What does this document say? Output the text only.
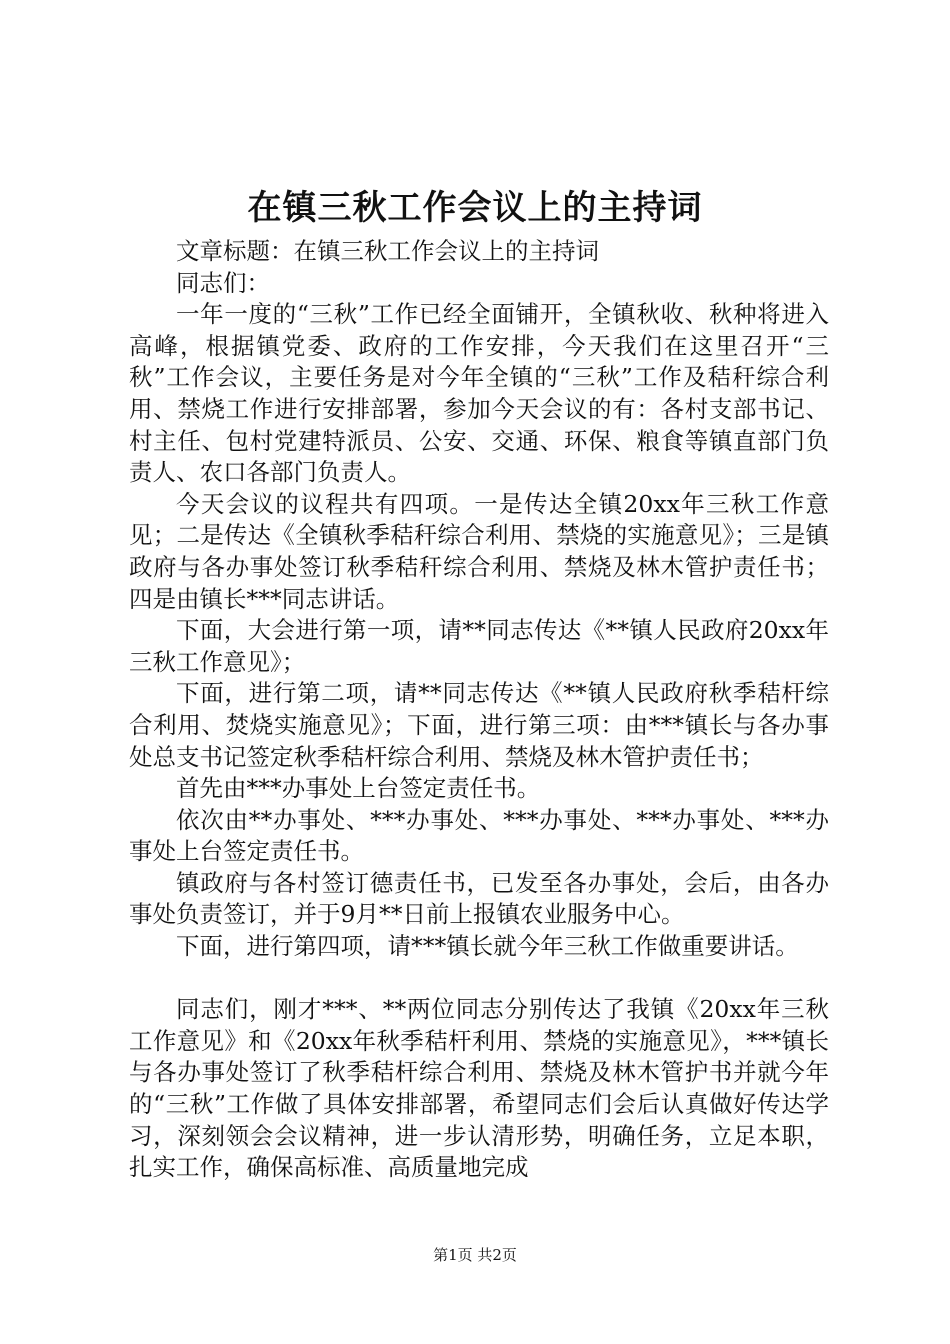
在镇三秋工作会议上的主持词

文章标题：在镇三秋工作会议上的主持词

同志们：

一年一度的“三秋”工作已经全面铺开，全镇秋收、秋种将进入高峰，根据镇党委、政府的工作安排，今天我们在这里召开“三秋”工作会议，主要任务是对今年全镇的“三秋”工作及秸秆综合利用、禁烧工作进行安排部署，参加今天会议的有：各村支部书记、村主任、包村党建特派员、公安、交通、环保、粮食等镇直部门负责人、农口各部门负责人。

今天会议的议程共有四项。一是传达全镇20xx年三秋工作意见；二是传达《全镇秋季秸秆综合利用、禁烧的实施意见》；三是镇政府与各办事处签订秋季秸秆综合利用、禁烧及林木管护责任书；四是由镇长***同志讲话。

下面，大会进行第一项，请**同志传达《**镇人民政府20xx年三秋工作意见》；

下面，进行第二项，请**同志传达《**镇人民政府秋季秸杆综合利用、焚烧实施意见》；下面，进行第三项：由***镇长与各办事处总支书记签定秋季秸杆综合利用、禁烧及林木管护责任书；

首先由***办事处上台签定责任书。

依次由**办事处、***办事处、***办事处、***办事处、***办事处上台签定责任书。

镇政府与各村签订德责任书，已发至各办事处，会后，由各办事处负责签订，并于9月**日前上报镇农业服务中心。

下面，进行第四项，请***镇长就今年三秋工作做重要讲话。

同志们，刚才***、**两位同志分别传达了我镇《20xx年三秋工作意见》和《20xx年秋季秸杆利用、禁烧的实施意见》，***镇长与各办事处签订了秋季秸杆综合利用、禁烧及林木管护书并就今年的“三秋”工作做了具体安排部署，希望同志们会后认真做好传达学习，深刻领会会议精神，进一步认清形势，明确任务，立足本职，扎实工作，确保高标准、高质量地完成

第1页 共2页
